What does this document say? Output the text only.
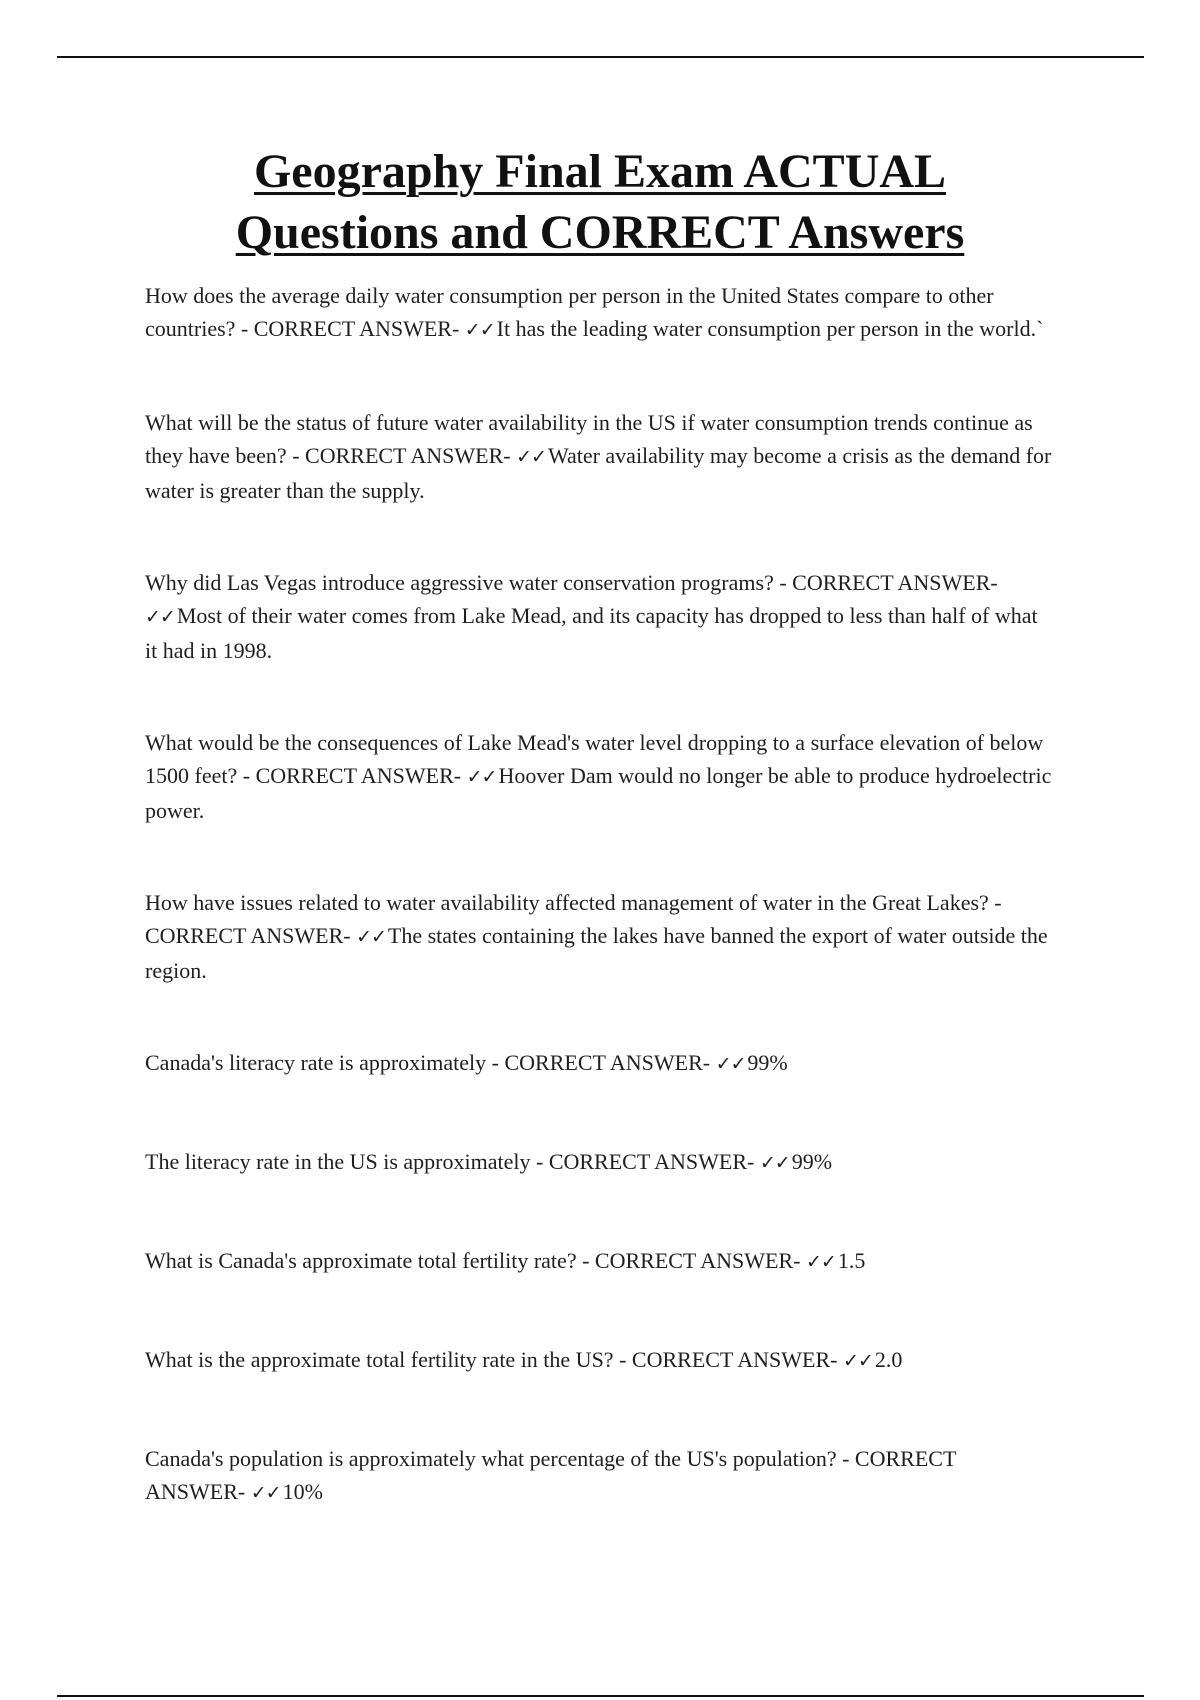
Geography Final Exam ACTUAL
Questions and CORRECT Answers

How does the average daily water consumption per person in the United States compare to other countries? - CORRECT ANSWER- ✓✓It has the leading water consumption per person in the world.`

What will be the status of future water availability in the US if water consumption trends continue as they have been? - CORRECT ANSWER- ✓✓Water availability may become a crisis as the demand for water is greater than the supply.

Why did Las Vegas introduce aggressive water conservation programs? - CORRECT ANSWER- ✓✓Most of their water comes from Lake Mead, and its capacity has dropped to less than half of what it had in 1998.

What would be the consequences of Lake Mead's water level dropping to a surface elevation of below 1500 feet? - CORRECT ANSWER- ✓✓Hoover Dam would no longer be able to produce hydroelectric power.

How have issues related to water availability affected management of water in the Great Lakes? - CORRECT ANSWER- ✓✓The states containing the lakes have banned the export of water outside the region.

Canada's literacy rate is approximately - CORRECT ANSWER- ✓✓99%

The literacy rate in the US is approximately - CORRECT ANSWER- ✓✓99%

What is Canada's approximate total fertility rate? - CORRECT ANSWER- ✓✓1.5

What is the approximate total fertility rate in the US? - CORRECT ANSWER- ✓✓2.0

Canada's population is approximately what percentage of the US's population? - CORRECT ANSWER- ✓✓10%
